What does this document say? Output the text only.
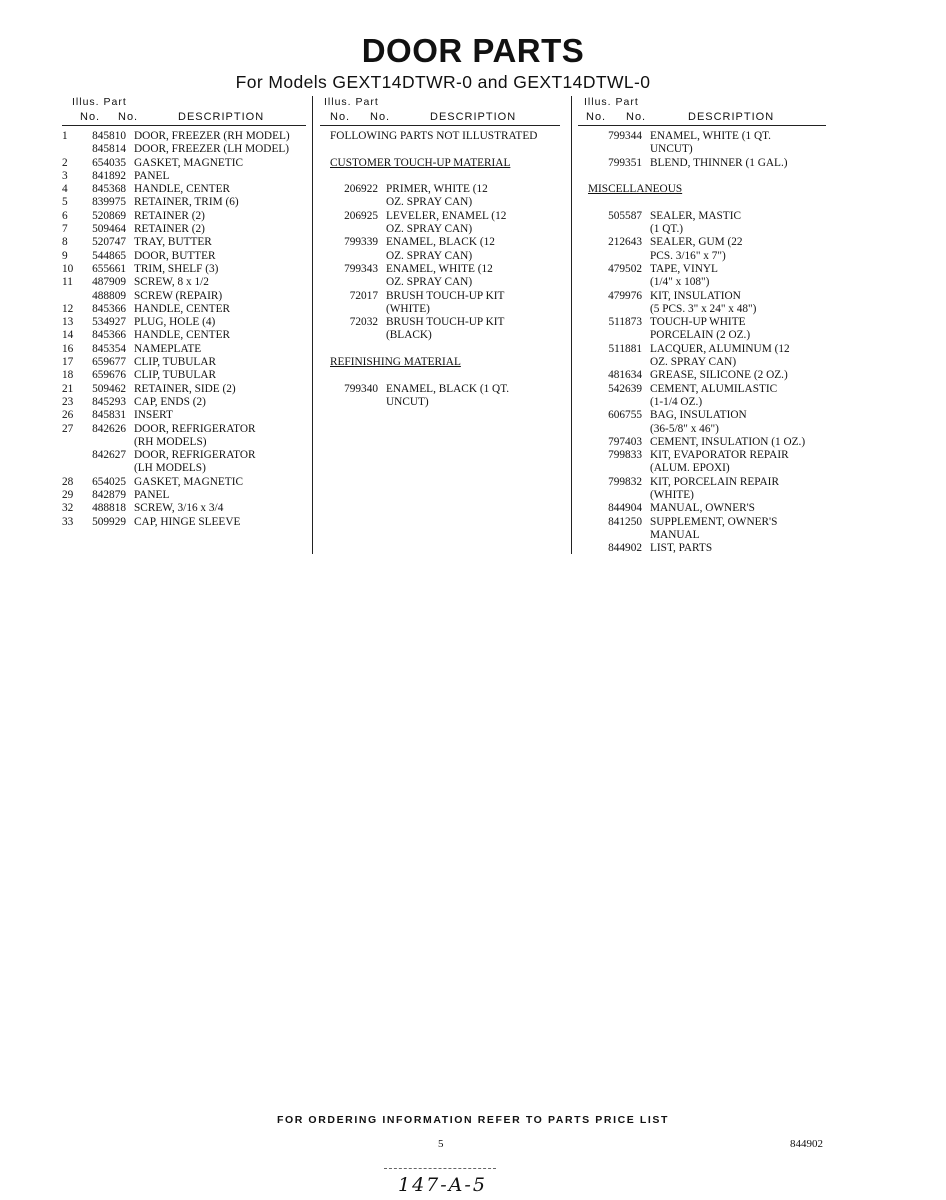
DOOR PARTS
For Models GEXT14DTWR-0 and GEXT14DTWL-0
Illus. Part
No.	No.	DESCRIPTION
1	845810 DOOR, FREEZER (RH MODEL)
845814 DOOR, FREEZER (LH MODEL)
2	654035 GASKET, MAGNETIC
3	841892 PANEL
4	845368 HANDLE, CENTER
5	839975 RETAINER, TRIM (6)
6	520869 RETAINER (2)
7	509464 RETAINER (2)
8	520747 TRAY, BUTTER
9	544865 DOOR, BUTTER
10	655661 TRIM, SHELF (3)
11	487909 SCREW, 8 x 1/2
488809 SCREW (REPAIR)
12	845366 HANDLE, CENTER
13	534927 PLUG, HOLE (4)
14	845366 HANDLE, CENTER
16	845354 NAMEPLATE
17	659677 CLIP, TUBULAR
18	659676 CLIP, TUBULAR
21	509462 RETAINER, SIDE (2)
23	845293 CAP, ENDS (2)
26	845831 INSERT
27	842626 DOOR, REFRIGERATOR
(RH MODELS)
842627 DOOR, REFRIGERATOR
(LH MODELS)
28	654025 GASKET, MAGNETIC
29	842879 PANEL
32	488818 SCREW, 3/16 x 3/4
33	509929 CAP, HINGE SLEEVE
Illus. Part
No.	No.	DESCRIPTION
FOLLOWING PARTS NOT ILLUSTRATED
CUSTOMER TOUCH-UP MATERIAL
206922 PRIMER, WHITE (12
OZ. SPRAY CAN)
206925 LEVELER, ENAMEL (12
OZ. SPRAY CAN)
799339 ENAMEL, BLACK (12
OZ. SPRAY CAN)
799343 ENAMEL, WHITE (12
OZ. SPRAY CAN)
72017 BRUSH TOUCH-UP KIT
(WHITE)
72032 BRUSH TOUCH-UP KIT
(BLACK)
REFINISHING MATERIAL
799340 ENAMEL, BLACK (1 QT.
UNCUT)
Illus. Part
No.	No.	DESCRIPTION
799344 ENAMEL, WHITE (1 QT.
UNCUT)
799351 BLEND, THINNER (1 GAL.)
MISCELLANEOUS
505587 SEALER, MASTIC
(1 QT.)
212643 SEALER, GUM (22
PCS. 3/16" x 7")
479502 TAPE, VINYL
(1/4" x 108")
479976 KIT, INSULATION
(5 PCS. 3" x 24" x 48")
511873 TOUCH-UP WHITE
PORCELAIN (2 OZ.)
511881 LACQUER, ALUMINUM (12
OZ. SPRAY CAN)
481634 GREASE, SILICONE (2 OZ.)
542639 CEMENT, ALUMILASTIC
(1-1/4 OZ.)
606755 BAG, INSULATION
(36-5/8" x 46")
797403 CEMENT, INSULATION (1 OZ.)
799833 KIT, EVAPORATOR REPAIR
(ALUM. EPOXI)
799832 KIT, PORCELAIN REPAIR
(WHITE)
844904 MANUAL, OWNER'S
841250 SUPPLEMENT, OWNER'S
MANUAL
844902 LIST, PARTS
FOR ORDERING INFORMATION REFER TO PARTS PRICE LIST
5	844902
147-A-5
